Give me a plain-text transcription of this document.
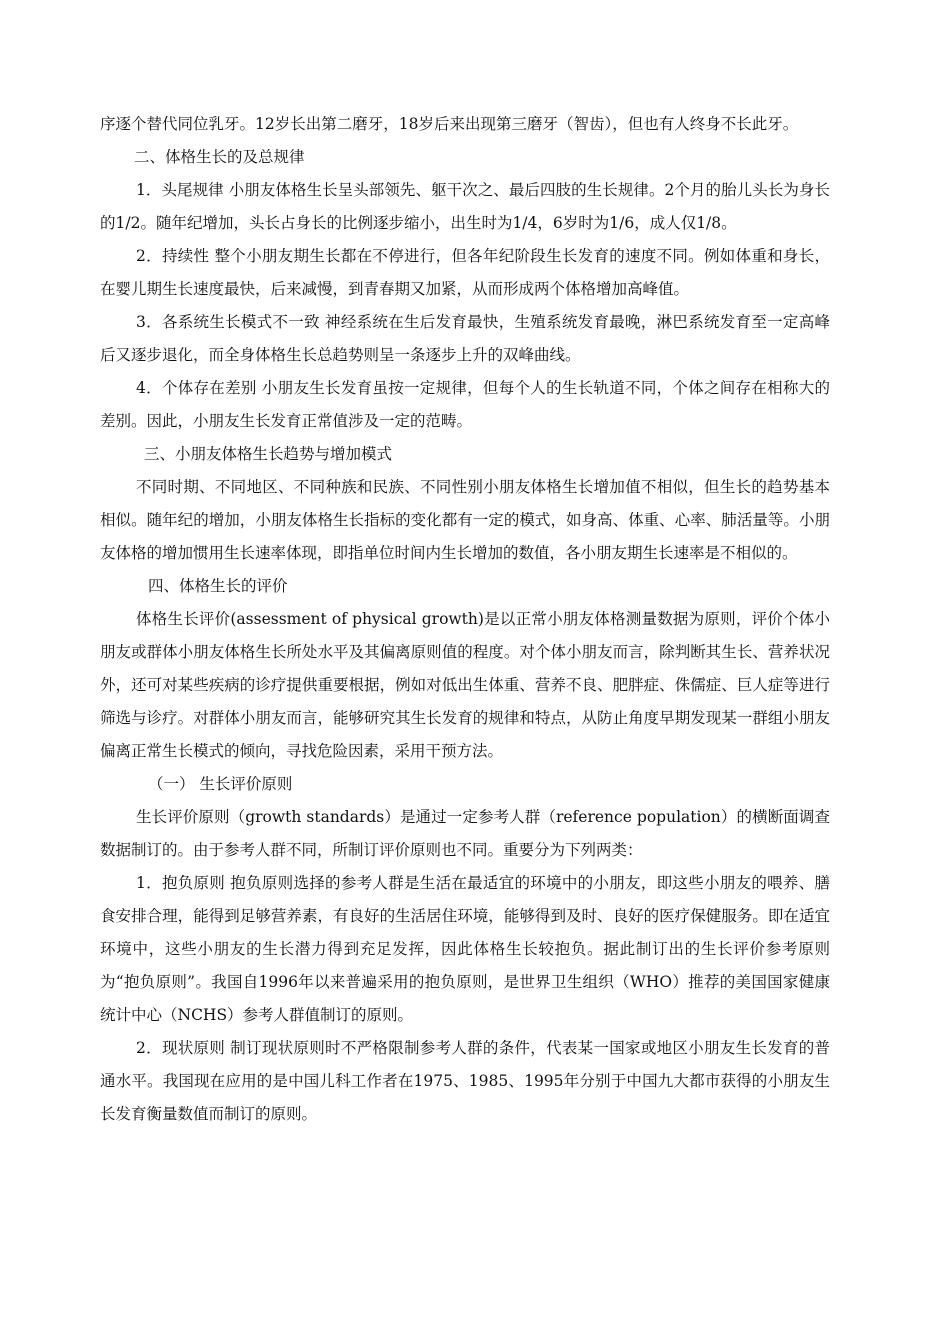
序逐个替代同位乳牙。12岁长出第二磨牙，18岁后来出现第三磨牙（智齿），但也有人终身不长此牙。

二、体格生长的及总规律

1．头尾规律 小朋友体格生长呈头部领先、躯干次之、最后四肢的生长规律。2个月的胎儿头长为身长的1/2。随年纪增加，头长占身长的比例逐步缩小，出生时为1/4，6岁时为1/6，成人仅1/8。

2．持续性 整个小朋友期生长都在不停进行，但各年纪阶段生长发育的速度不同。例如体重和身长，在婴儿期生长速度最快，后来减慢，到青春期又加紧，从而形成两个体格增加高峰值。

3．各系统生长模式不一致 神经系统在生后发育最快，生殖系统发育最晚，淋巴系统发育至一定高峰后又逐步退化，而全身体格生长总趋势则呈一条逐步上升的双峰曲线。

4．个体存在差别 小朋友生长发育虽按一定规律，但每个人的生长轨道不同，个体之间存在相称大的差别。因此，小朋友生长发育正常值涉及一定的范畴。

三、小朋友体格生长趋势与增加模式

不同时期、不同地区、不同种族和民族、不同性别小朋友体格生长增加值不相似，但生长的趋势基本相似。随年纪的增加，小朋友体格生长指标的变化都有一定的模式，如身高、体重、心率、肺活量等。小朋友体格的增加惯用生长速率体现，即指单位时间内生长增加的数值，各小朋友期生长速率是不相似的。

四、体格生长的评价

体格生长评价(assessment of physical growth)是以正常小朋友体格测量数据为原则，评价个体小朋友或群体小朋友体格生长所处水平及其偏离原则值的程度。对个体小朋友而言，除判断其生长、营养状况外，还可对某些疾病的诊疗提供重要根据，例如对低出生体重、营养不良、肥胖症、侏儒症、巨人症等进行筛选与诊疗。对群体小朋友而言，能够研究其生长发育的规律和特点，从防止角度早期发现某一群组小朋友偏离正常生长模式的倾向，寻找危险因素，采用干预方法。

（一） 生长评价原则

生长评价原则（growth standards）是通过一定参考人群（reference population）的横断面调查数据制订的。由于参考人群不同，所制订评价原则也不同。重要分为下列两类：

1．抱负原则 抱负原则选择的参考人群是生活在最适宜的环境中的小朋友，即这些小朋友的喂养、膳食安排合理，能得到足够营养素，有良好的生活居住环境，能够得到及时、良好的医疗保健服务。即在适宜环境中，这些小朋友的生长潜力得到充足发挥，因此体格生长较抱负。据此制订出的生长评价参考原则为“抱负原则”。我国自1996年以来普遍采用的抱负原则，是世界卫生组织（WHO）推荐的美国国家健康统计中心（NCHS）参考人群值制订的原则。

2．现状原则 制订现状原则时不严格限制参考人群的条件，代表某一国家或地区小朋友生长发育的普通水平。我国现在应用的是中国儿科工作者在1975、1985、1995年分别于中国九大都市获得的小朋友生长发育衡量数值而制订的原则。
